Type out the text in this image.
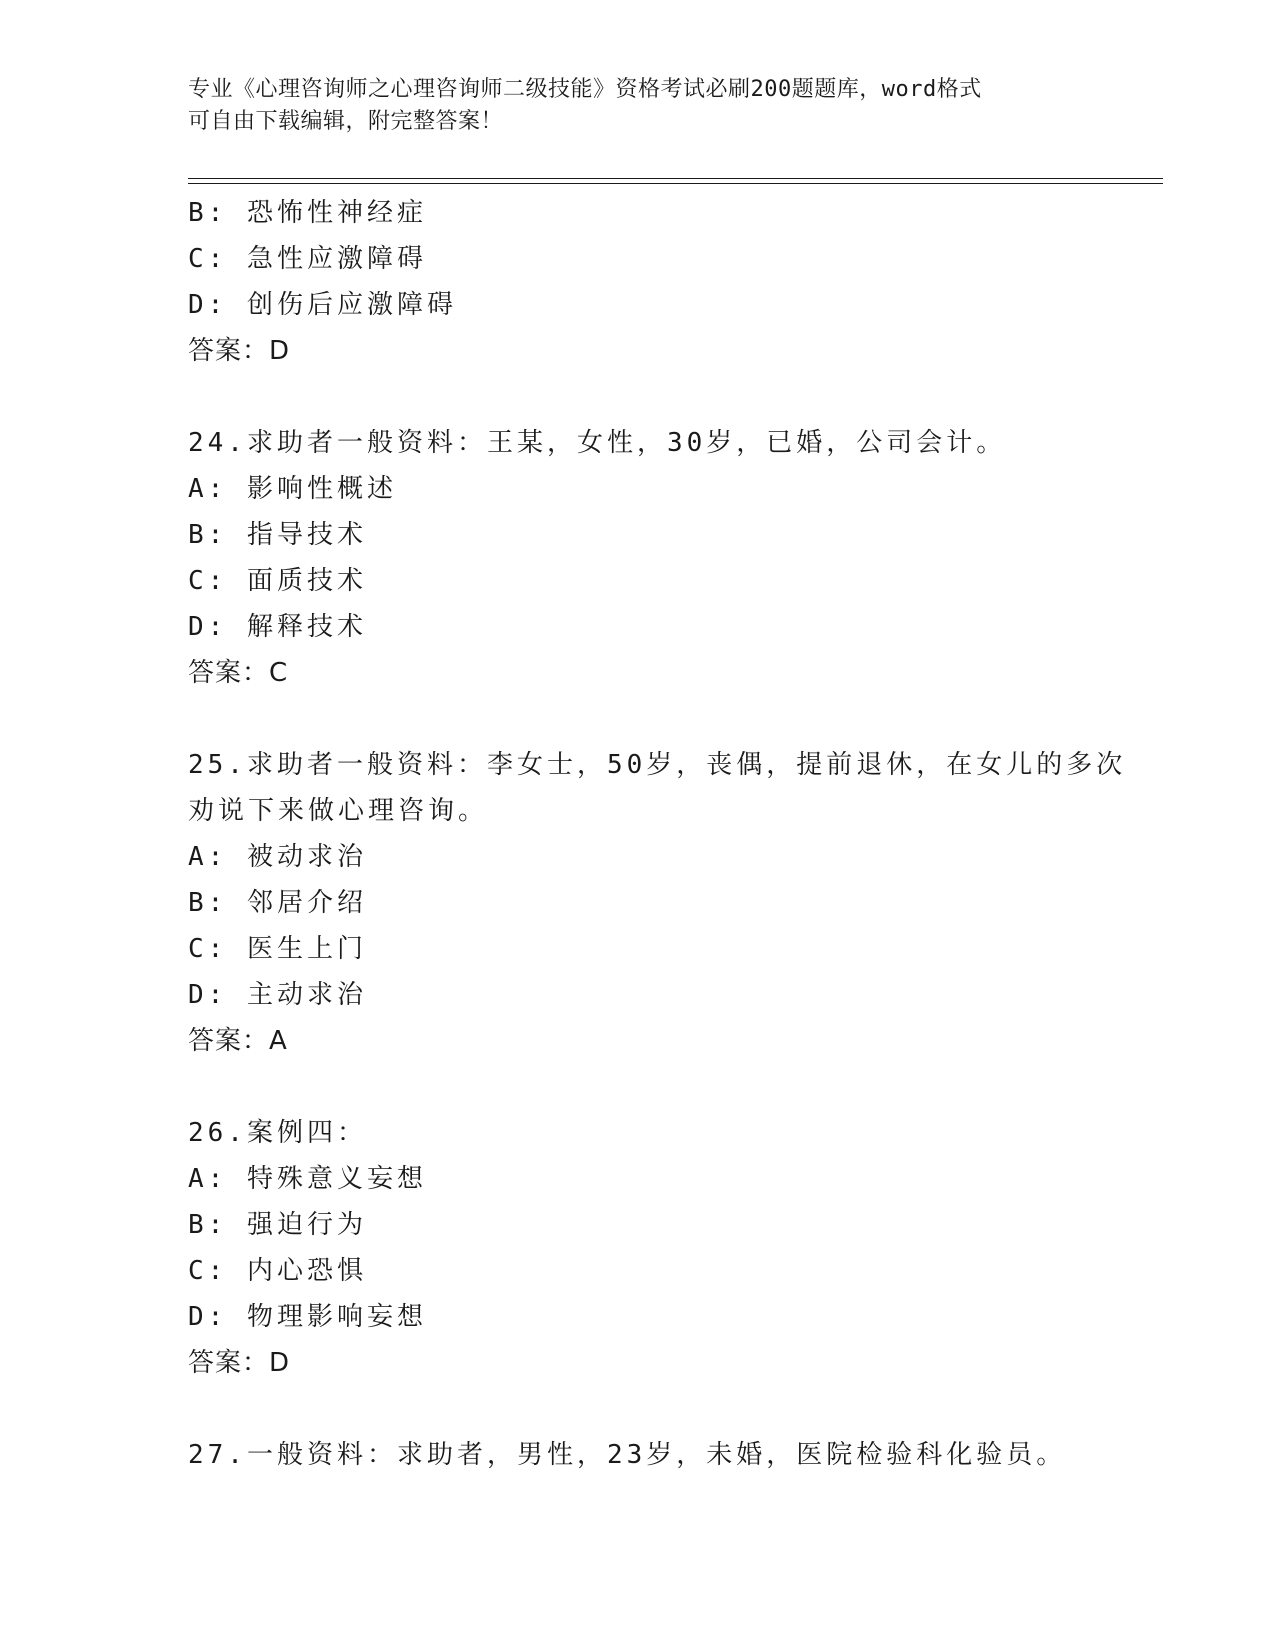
专业《心理咨询师之心理咨询师二级技能》资格考试必刷200题题库，word格式
可自由下载编辑，附完整答案！
B: 恐怖性神经症
C: 急性应激障碍
D: 创伤后应激障碍
答案：D
24.求助者一般资料：王某，女性，30岁，已婚，公司会计。
A: 影响性概述
B: 指导技术
C: 面质技术
D: 解释技术
答案：C
25.求助者一般资料：李女士，50岁，丧偶，提前退休，在女儿的多次
劝说下来做心理咨询。
A: 被动求治
B: 邻居介绍
C: 医生上门
D: 主动求治
答案：A
26.案例四：
A: 特殊意义妄想
B: 强迫行为
C: 内心恐惧
D: 物理影响妄想
答案：D
27.一般资料：求助者，男性，23岁，未婚，医院检验科化验员。
